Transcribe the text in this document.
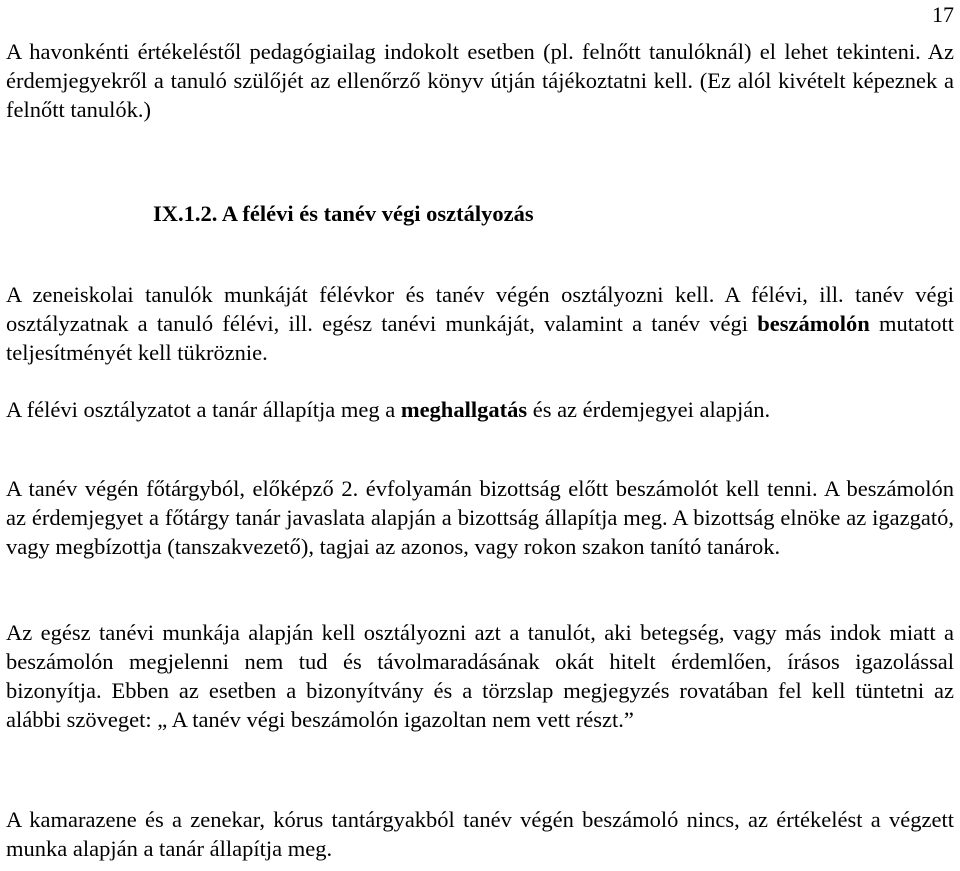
17

A havonkénti értékeléstől pedagógiailag indokolt esetben (pl. felnőtt tanulóknál) el lehet tekinteni. Az érdemjegyekről a tanuló szülőjét az ellenőrző könyv útján tájékoztatni kell. (Ez alól kivételt képeznek a felnőtt tanulók.)

IX.1.2. A félévi és tanév végi osztályozás

A zeneiskolai tanulók munkáját félévkor és tanév végén osztályozni kell. A félévi, ill. tanév végi osztályzatnak a tanuló félévi, ill. egész tanévi munkáját, valamint a tanév végi beszámolón mutatott teljesítményét kell tükröznie.

A félévi osztályzatot a tanár állapítja meg a meghallgatás és az érdemjegyei alapján.

A tanév végén főtárgyból, előképző 2. évfolyamán bizottság előtt beszámolót kell tenni. A beszámolón az érdemjegyet a főtárgy tanár javaslata alapján a bizottság állapítja meg. A bizottság elnöke az igazgató, vagy megbízottja (tanszakvezető), tagjai az azonos, vagy rokon szakon tanító tanárok.

Az egész tanévi munkája alapján kell osztályozni azt a tanulót, aki betegség, vagy más indok miatt a beszámolón megjelenni nem tud és távolmaradásának okát hitelt érdemlően, írásos igazolással bizonyítja. Ebben az esetben a bizonyítvány és a törzslap megjegyzés rovatában fel kell tüntetni az alábbi szöveget: „ A tanév végi beszámolón igazoltan nem vett részt.”

A kamarazene és a zenekar, kórus tantárgyakból tanév végén beszámoló nincs, az értékelést a végzett munka alapján a tanár állapítja meg.
